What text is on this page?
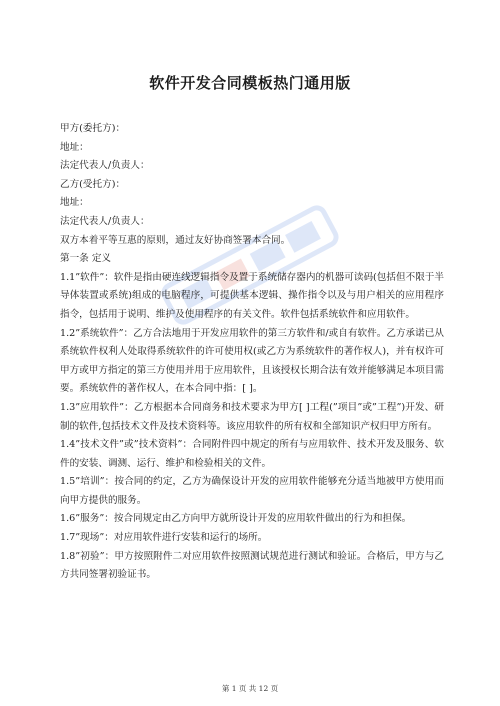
软件开发合同模板热门通用版
甲方(委托方)：
地址：
法定代表人/负责人：
乙方(受托方)：
地址：
法定代表人/负责人：
双方本着平等互惠的原则，通过友好协商签署本合同。
第一条 定义
1.1”软件”：软件是指由硬连线逻辑指令及置于系统储存器内的机器可读码(包括但不限于半导体装置或系统)组成的电脑程序，可提供基本逻辑、操作指令以及与用户相关的应用程序指令，包括用于说明、维护及使用程序的有关文件。软件包括系统软件和应用软件。
1.2”系统软件”：乙方合法地用于开发应用软件的第三方软件和/或自有软件。乙方承诺已从系统软件权利人处取得系统软件的许可使用权(或乙方为系统软件的著作权人)，并有权许可甲方或甲方指定的第三方使用并用于应用软件，且该授权长期合法有效并能够满足本项目需要。系统软件的著作权人，在本合同中指：[ ]。
1.3”应用软件”：乙方根据本合同商务和技术要求为甲方[ ]工程(”项目”或”工程”)开发、研制的软件,包括技术文件及技术资料等。该应用软件的所有权和全部知识产权归甲方所有。
1.4”技术文件”或”技术资料”：合同附件四中规定的所有与应用软件、技术开发及服务、软件的安装、调测、运行、维护和检验相关的文件。
1.5”培训”：按合同的约定，乙方为确保设计开发的应用软件能够充分适当地被甲方使用而向甲方提供的服务。
1.6”服务”：按合同规定由乙方向甲方就所设计开发的应用软件做出的行为和担保。
1.7”现场”：对应用软件进行安装和运行的场所。
1.8”初验”：甲方按照附件二对应用软件按照测试规范进行测试和验证。合格后，甲方与乙方共同签署初验证书。
第 1 页 共 12 页
